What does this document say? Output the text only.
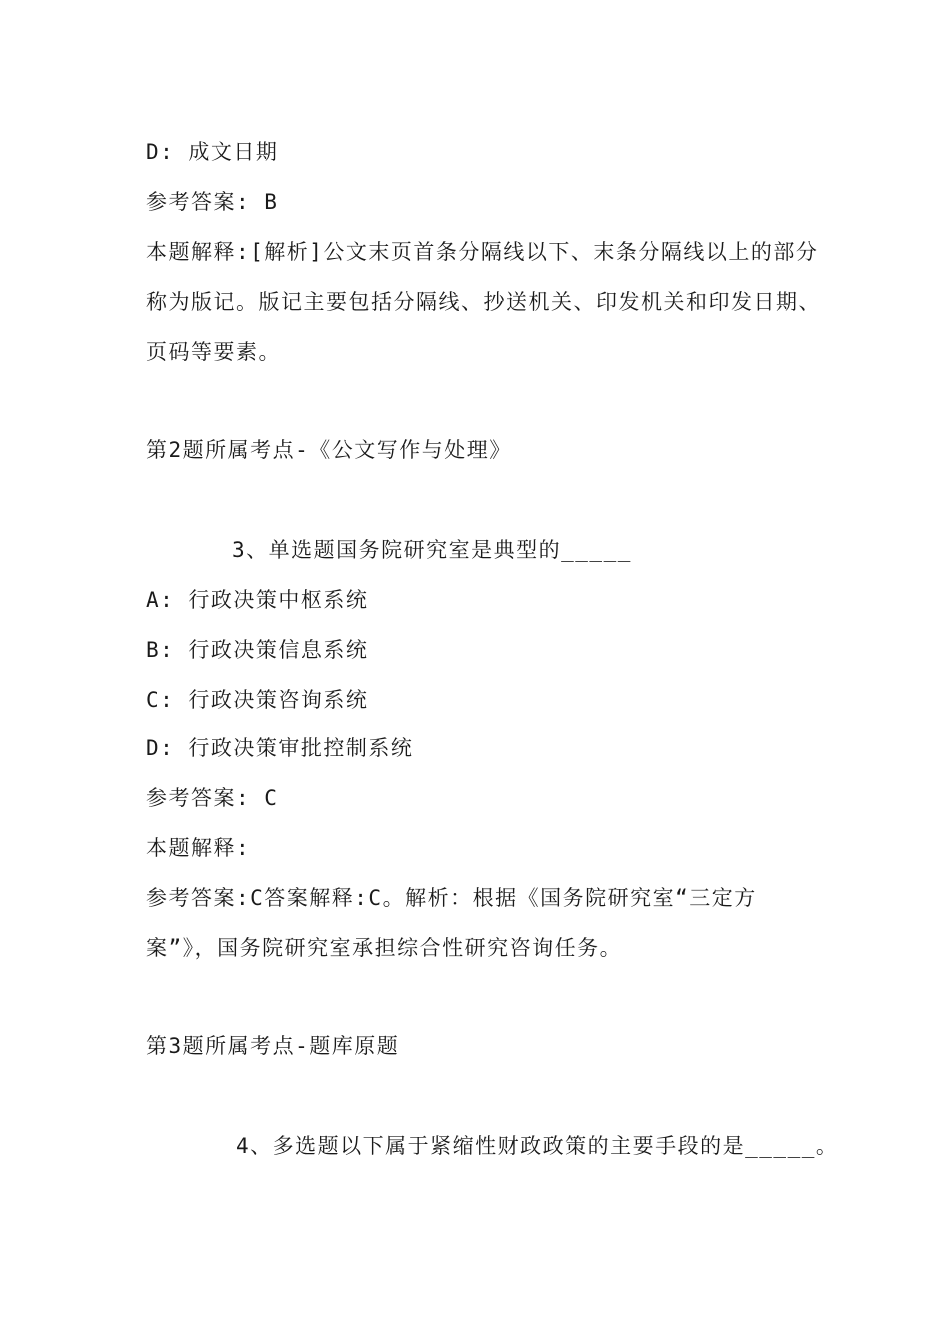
D: 成文日期
参考答案: B
本题解释:[解析]公文末页首条分隔线以下、末条分隔线以上的部分
称为版记。版记主要包括分隔线、抄送机关、印发机关和印发日期、
页码等要素。
第2题所属考点-《公文写作与处理》
3、单选题国务院研究室是典型的_____
A: 行政决策中枢系统
B: 行政决策信息系统
C: 行政决策咨询系统
D: 行政决策审批控制系统
参考答案: C
本题解释:
参考答案:C答案解释:C。解析：根据《国务院研究室“三定方
案”》，国务院研究室承担综合性研究咨询任务。
第3题所属考点-题库原题
4、多选题以下属于紧缩性财政政策的主要手段的是_____。
